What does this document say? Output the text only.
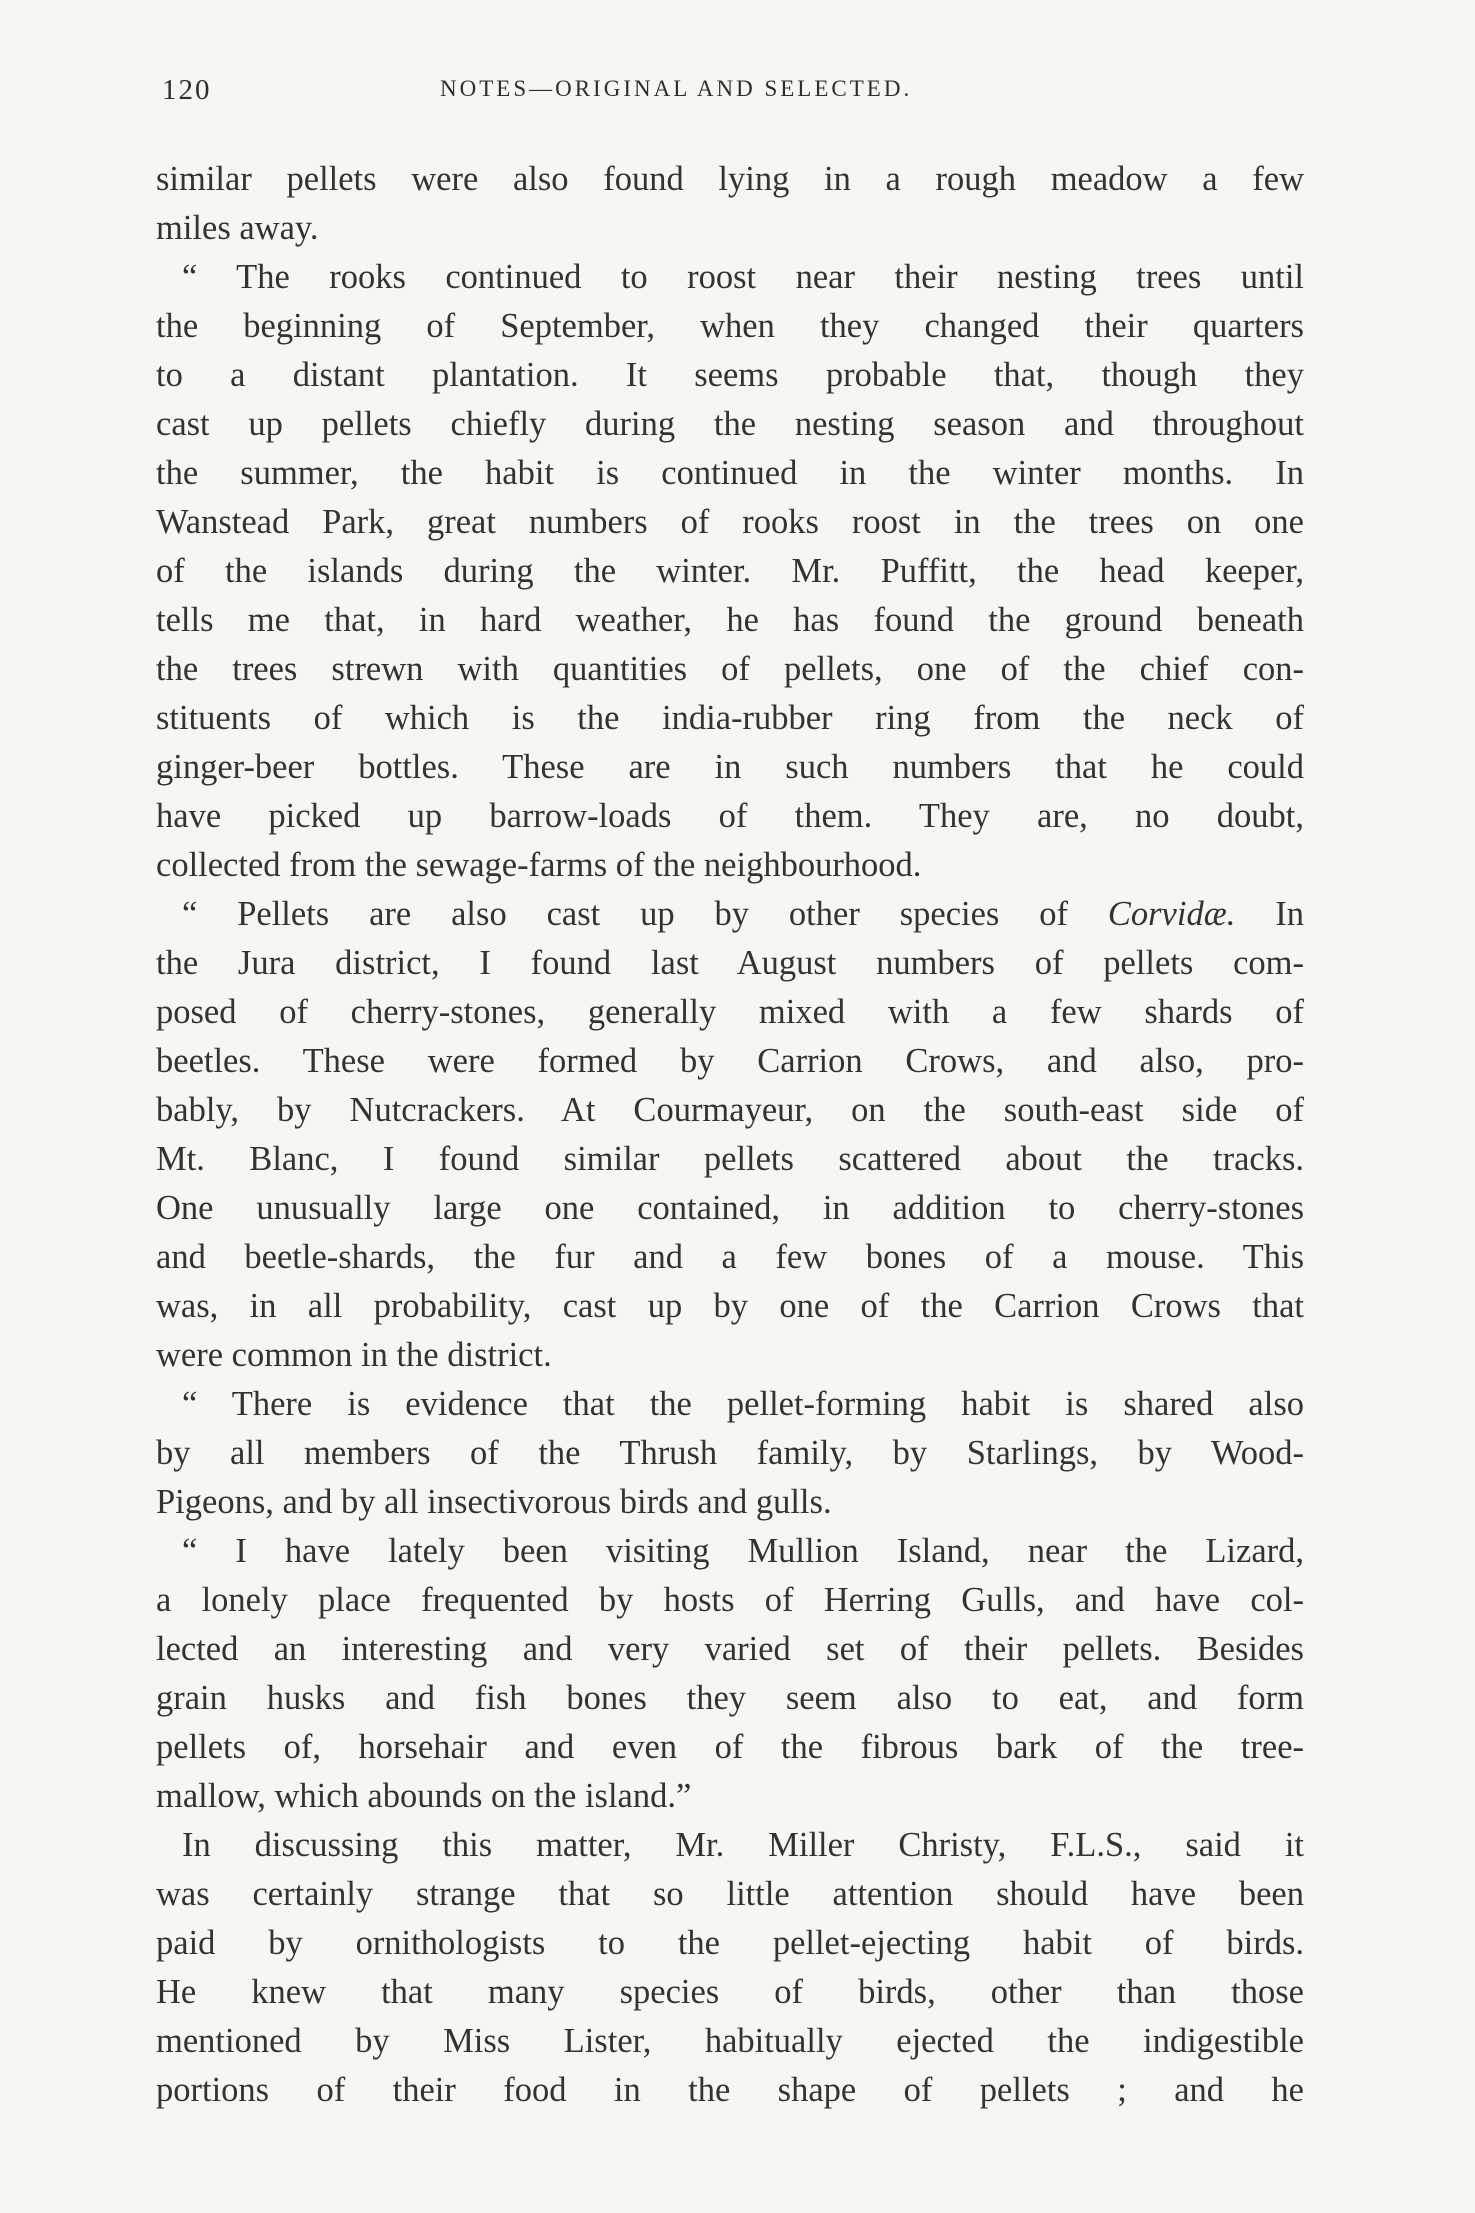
120	NOTES—ORIGINAL AND SELECTED.

similar pellets were also found lying in a rough meadow a few
miles away.

“ The rooks continued to roost near their nesting trees until
the beginning of September, when they changed their quarters
to a distant plantation. It seems probable that, though they
cast up pellets chiefly during the nesting season and throughout
the summer, the habit is continued in the winter months. In
Wanstead Park, great numbers of rooks roost in the trees on one
of the islands during the winter. Mr. Puffitt, the head keeper,
tells me that, in hard weather, he has found the ground beneath
the trees strewn with quantities of pellets, one of the chief con-
stituents of which is the india-rubber ring from the neck of
ginger-beer bottles. These are in such numbers that he could
have picked up barrow-loads of them. They are, no doubt,
collected from the sewage-farms of the neighbourhood.

“ Pellets are also cast up by other species of Corvidæ. In
the Jura district, I found last August numbers of pellets com-
posed of cherry-stones, generally mixed with a few shards of
beetles. These were formed by Carrion Crows, and also, pro-
bably, by Nutcrackers. At Courmayeur, on the south-east side of
Mt. Blanc, I found similar pellets scattered about the tracks.
One unusually large one contained, in addition to cherry-stones
and beetle-shards, the fur and a few bones of a mouse. This
was, in all probability, cast up by one of the Carrion Crows that
were common in the district.

“ There is evidence that the pellet-forming habit is shared also
by all members of the Thrush family, by Starlings, by Wood-
Pigeons, and by all insectivorous birds and gulls.

“ I have lately been visiting Mullion Island, near the Lizard,
a lonely place frequented by hosts of Herring Gulls, and have col-
lected an interesting and very varied set of their pellets. Besides
grain husks and fish bones they seem also to eat, and form
pellets of, horsehair and even of the fibrous bark of the tree-
mallow, which abounds on the island.”

In discussing this matter, Mr. Miller Christy, F.L.S., said it
was certainly strange that so little attention should have been
paid by ornithologists to the pellet-ejecting habit of birds.
He knew that many species of birds, other than those
mentioned by Miss Lister, habitually ejected the indigestible
portions of their food in the shape of pellets ; and he
